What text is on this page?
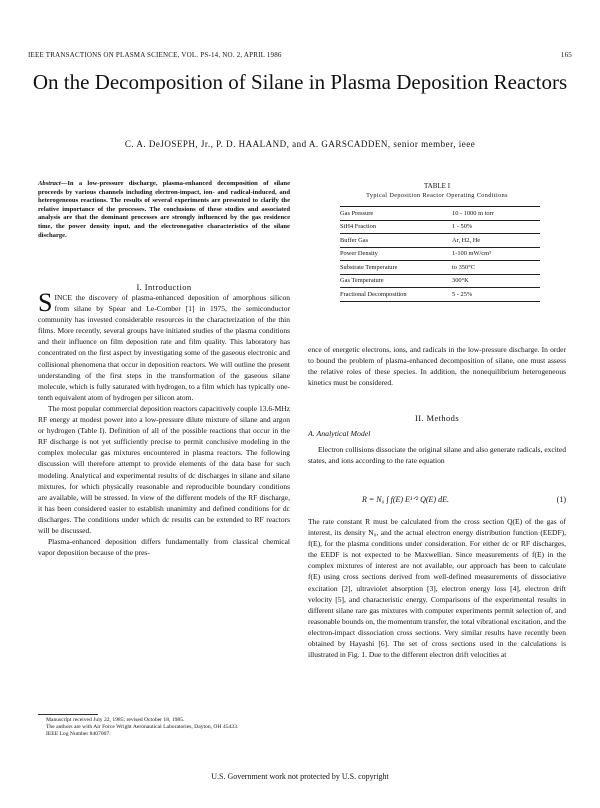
IEEE TRANSACTIONS ON PLASMA SCIENCE, VOL. PS-14, NO. 2, APRIL 1986	165
On the Decomposition of Silane in Plasma Deposition Reactors
C. A. DeJOSEPH, Jr., P. D. HAALAND, and A. GARSCADDEN, senior member, ieee
Abstract—In a low-pressure discharge, plasma-enhanced decomposition of silane proceeds by various channels including electron-impact, ion- and radical-induced, and heterogeneous reactions. The results of several experiments are presented to clarify the relative importance of the processes. The conclusions of these studies and associated analysis are that the dominant processes are strongly influenced by the gas residence time, the power density input, and the electronegative characteristics of the silane discharge.
I. Introduction

SINCE the discovery of plasma-enhanced deposition of amorphous silicon from silane by Spear and Le-Comber [1] in 1975, the semiconductor community has invested considerable resources in the characterization of the thin films. More recently, several groups have initiated studies of the plasma conditions and their influence on film deposition rate and film quality. This laboratory has concentrated on the first aspect by investigating some of the gaseous electronic and collisional phenomena that occur in deposition reactors. We will outline the present understanding of the first steps in the transformation of the gaseous silane molecule, which is fully saturated with hydrogen, to a film which has typically one-tenth equivalent atom of hydrogen per silicon atom.

The most popular commercial deposition reactors capacitively couple 13.6-MHz RF energy at modest power into a low-pressure dilute mixture of silane and argon or hydrogen (Table I). Definition of all of the possible reactions that occur in the RF discharge is not yet sufficiently precise to permit conclusive modeling in the complex molecular gas mixtures encountered in plasma reactors. The following discussion will therefore attempt to provide elements of the data base for such modeling. Analytical and experimental results of dc discharges in silane and silane mixtures, for which physically reasonable and reproducible boundary conditions are available, will be stressed. In view of the different models of the RF discharge, it has been considered easier to establish unanimity and defined conditions for dc discharges. The conditions under which dc results can be extended to RF reactors will be discussed.

Plasma-enhanced deposition differs fundamentally from classical chemical vapor deposition because of the pres-

Manuscript received July 22, 1985; revised October 18, 1985.
The authors are with Air Force Wright Aeronautical Laboratories, Dayton, OH 45433.
IEEE Log Number 8407007.
TABLE I
Typical Deposition Reactor Operating Conditions
Gas Pressure	10 - 1000 m torr
SiH4 Fraction	1 - 50%
Buffer Gas	Ar, H2, He
Power Density	1-100 mW/cm³
Substrate Temperature	to 350°C
Gas Temperature	300°K
Fractional Decomposition	5 - 25%

ence of energetic electrons, ions, and radicals in the low-pressure discharge. In order to bound the problem of plasma-enhanced decomposition of silane, one must assess the relative roles of these species. In addition, the nonequilibrium heterogeneous kinetics must be considered.

II. Methods
A. Analytical Model

Electron collisions dissociate the original silane and also generate radicals, excited states, and ions according to the rate equation

R = N₀ ∫ f(E) E¹ᐟ² Q(E) dE.	(1)

The rate constant R must be calculated from the cross section Q(E) of the gas of interest, its density N₀, and the actual electron energy distribution function (EEDF), f(E), for the plasma conditions under consideration. For either dc or RF discharges, the EEDF is not expected to be Maxwellian. Since measurements of f(E) in the complex mixtures of interest are not available, our approach has been to calculate f(E) using cross sections derived from well-defined measurements of dissociative excitation [2], ultraviolet absorption [3], electron energy loss [4], electron drift velocity [5], and characteristic energy. Comparisons of the experimental results in different silane rare gas mixtures with computer experiments permit selection of, and reasonable bounds on, the momentum transfer, the total vibrational excitation, and the electron-impact dissociation cross sections. Very similar results have recently been obtained by Hayashi [6]. The set of cross sections used in the calculations is illustrated in Fig. 1. Due to the different electron drift velocities at

U.S. Government work not protected by U.S. copyright
